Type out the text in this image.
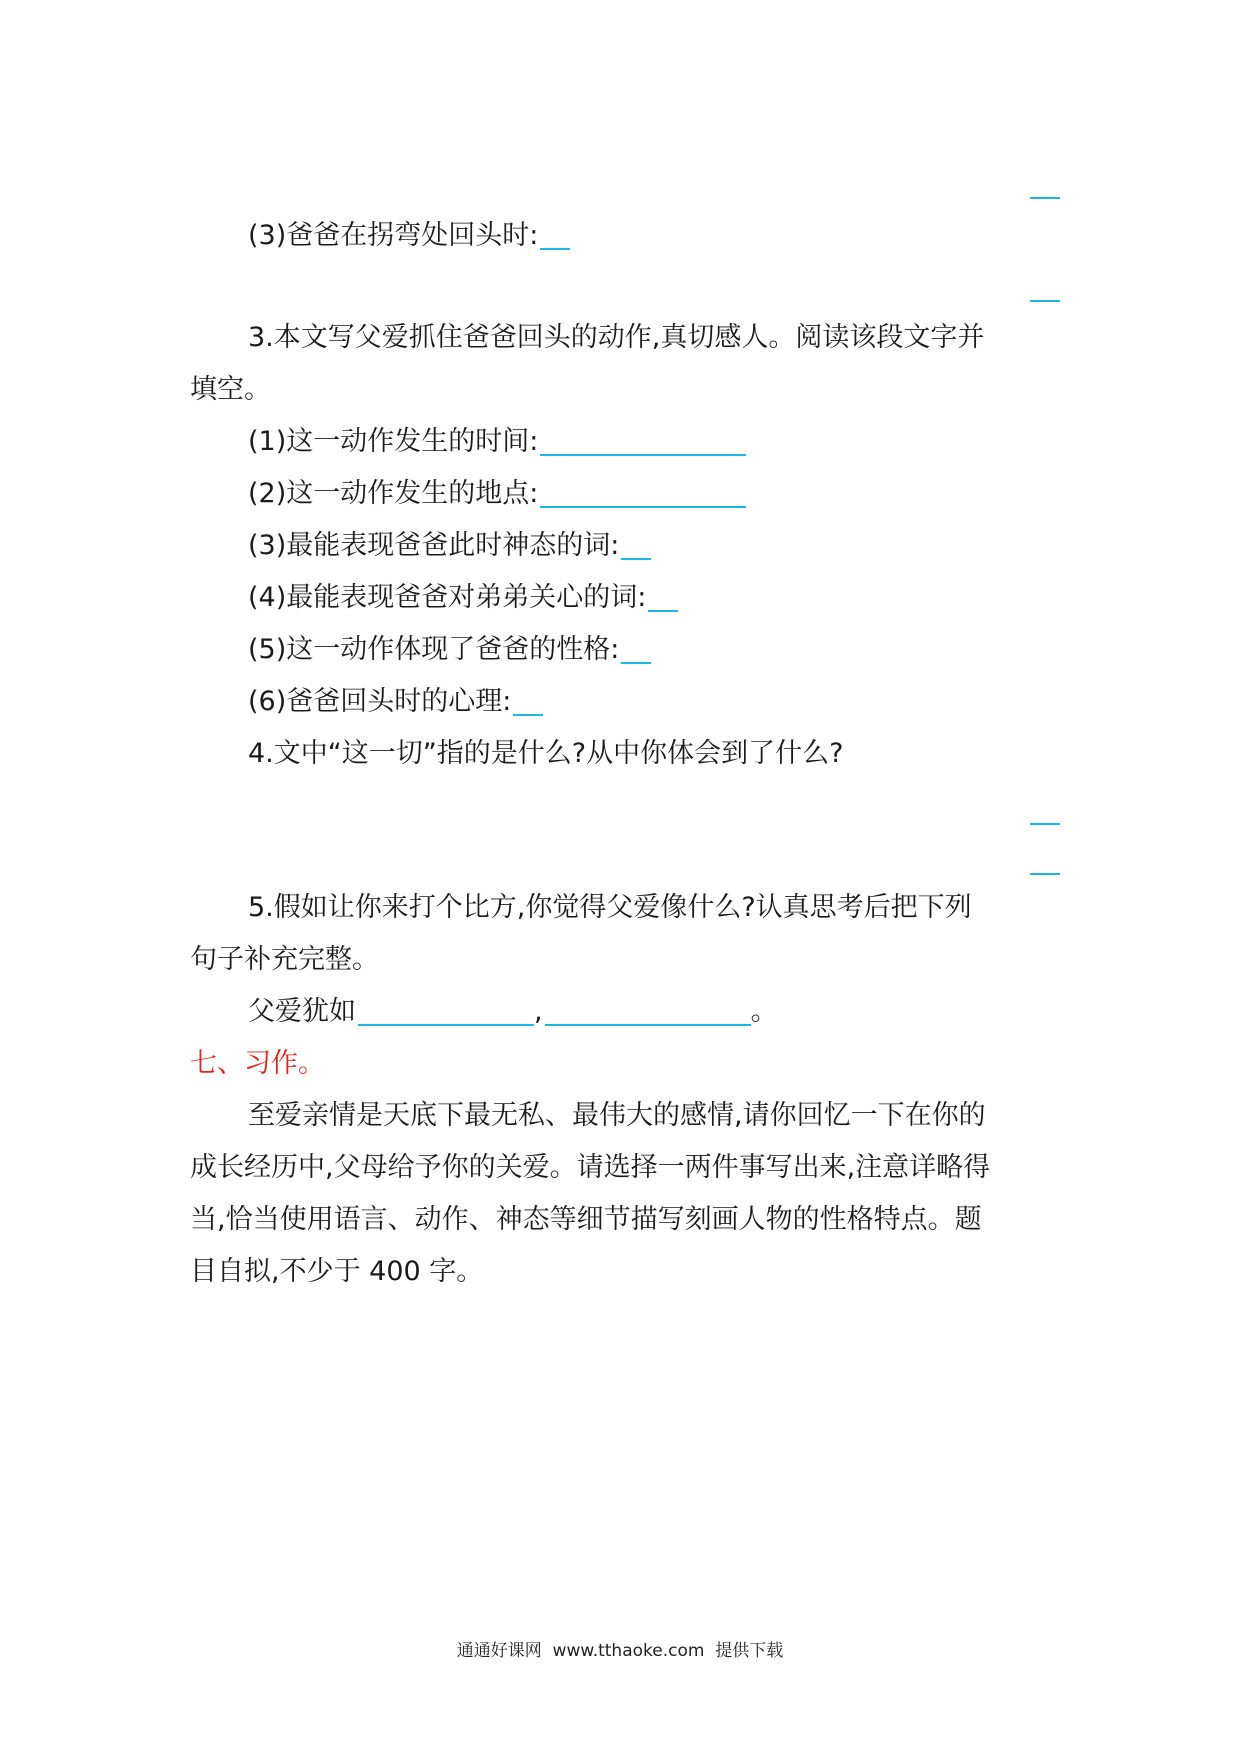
(3)爸爸在拐弯处回头时:
3.本文写父爱抓住爸爸回头的动作,真切感人。阅读该段文字并
填空。
(1)这一动作发生的时间:
(2)这一动作发生的地点:
(3)最能表现爸爸此时神态的词:
(4)最能表现爸爸对弟弟关心的词:
(5)这一动作体现了爸爸的性格:
(6)爸爸回头时的心理:
4.文中“这一切”指的是什么?从中你体会到了什么?
5.假如让你来打个比方,你觉得父爱像什么?认真思考后把下列
句子补充完整。
父爱犹如	,	。
七、习作。
至爱亲情是天底下最无私、最伟大的感情,请你回忆一下在你的
成长经历中,父母给予你的关爱。请选择一两件事写出来,注意详略得
当,恰当使用语言、动作、神态等细节描写刻画人物的性格特点。题
目自拟,不少于 400 字。
通通好课网  www.tthaoke.com  提供下载
